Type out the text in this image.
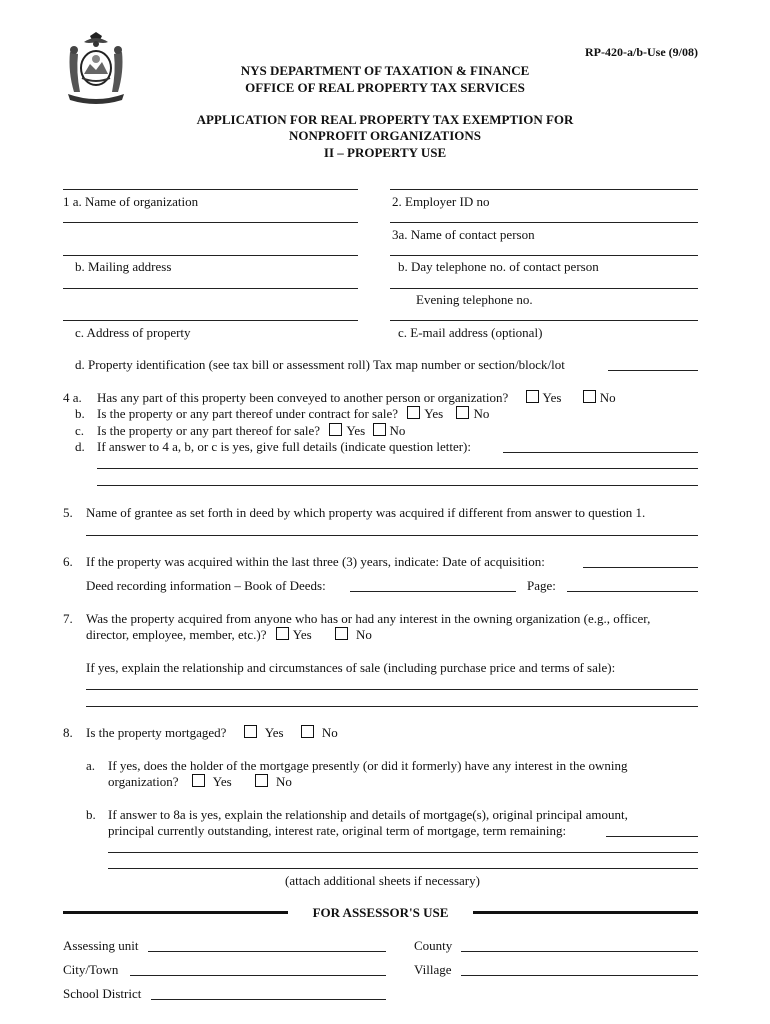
EXCELSIOR
RP-420-a/b-Use (9/08)
NYS DEPARTMENT OF TAXATION & FINANCE
OFFICE OF REAL PROPERTY TAX SERVICES
APPLICATION FOR REAL PROPERTY TAX EXEMPTION FOR
NONPROFIT ORGANIZATIONS
II – PROPERTY USE
1 a. Name of organization
b. Mailing address
c. Address of property
2. Employer ID no
3a. Name of contact person
b. Day telephone no. of contact person
Evening telephone no.
c. E-mail address (optional)
d. Property identification (see tax bill or assessment roll) Tax map number or section/block/lot
4 a. Has any part of this property been conveyed to another person or organization?	Yes	No
b. Is the property or any part thereof under contract for sale? Yes No
c. Is the property or any part thereof for sale? Yes No
d. If answer to 4 a, b, or c is yes, give full details (indicate question letter):
5. Name of grantee as set forth in deed by which property was acquired if different from answer to question 1.
6. If the property was acquired within the last three (3) years, indicate: Date of acquisition:
Deed recording information – Book of Deeds:	Page:
7. Was the property acquired from anyone who has or had any interest in the owning organization (e.g., officer,
director, employee, member, etc.)? Yes	No
If yes, explain the relationship and circumstances of sale (including purchase price and terms of sale):
8. Is the property mortgaged?	Yes	No
a. If yes, does the holder of the mortgage presently (or did it formerly) have any interest in the owning
organization?	Yes	No
b. If answer to 8a is yes, explain the relationship and details of mortgage(s), original principal amount,
principal currently outstanding, interest rate, original term of mortgage, term remaining:
(attach additional sheets if necessary)
FOR ASSESSOR'S USE
Assessing unit	County
City/Town	Village
School District
